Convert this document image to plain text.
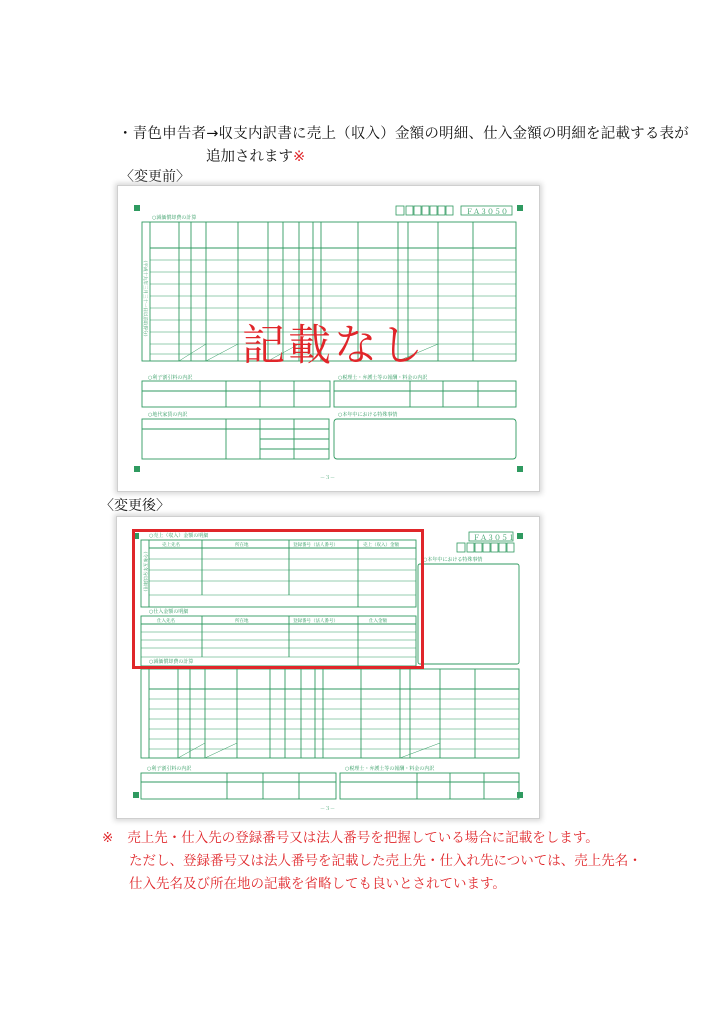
・青色申告者→収支内訳書に売上（収入）金額の明細、仕入金額の明細を記載する表が
追加されます※
〈変更前〉
ＦＡ３０５０
○減価償却費の計算
（平成十九年三月三十一日以前取得分）
○利子割引料の内訳	○税理士・弁護士等の報酬・料金の内訳
○地代家賃の内訳	○本年中における特殊事情
－３－
記載なし
〈変更後〉
ＦＡ３０５１
○売上（収入）金額の明細
売上先名	所在地	登録番号（法人番号）	売上（収入）金額
（令和五年分以降用）
○仕入金額の明細
仕入先名	所在地	登録番号（法人番号）	仕入金額
○本年中における特殊事情
○減価償却費の計算
○利子割引料の内訳	○税理士・弁護士等の報酬・料金の内訳
－３－
※ 売上先・仕入先の登録番号又は法人番号を把握している場合に記載をします。
ただし、登録番号又は法人番号を記載した売上先・仕入れ先については、売上先名・
仕入先名及び所在地の記載を省略しても良いとされています。
